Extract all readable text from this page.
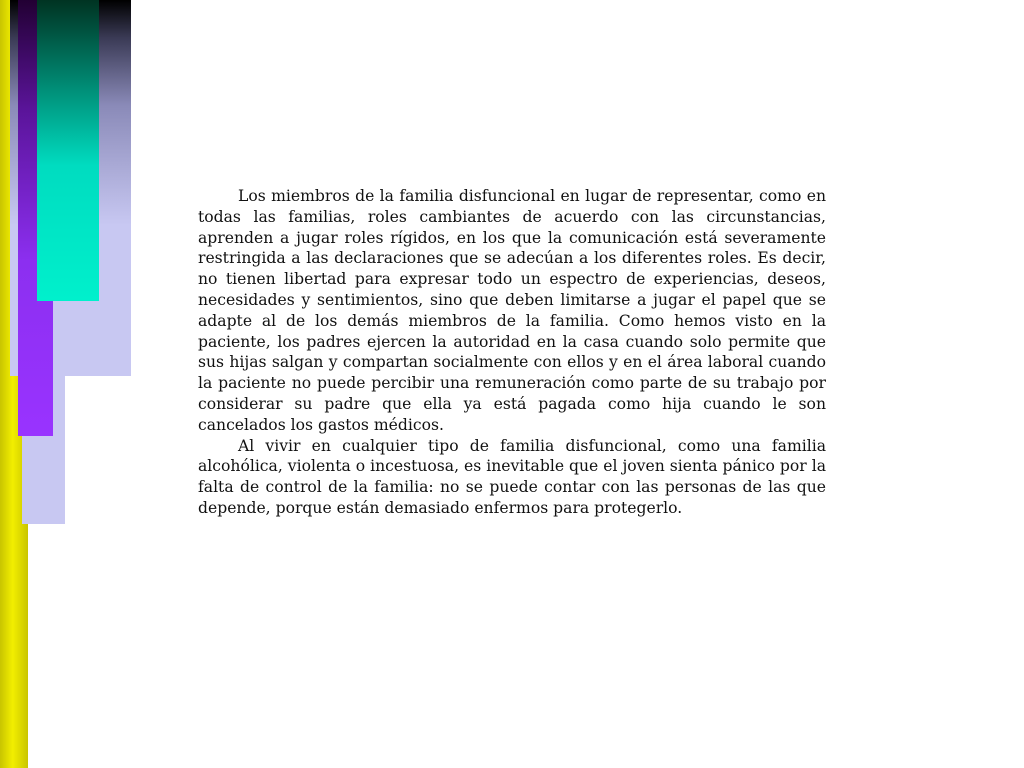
Los miembros de la familia disfuncional en lugar de representar, como en todas las familias, roles cambiantes de acuerdo con las circunstancias, aprenden a jugar roles rígidos, en los que la comunicación está severamente restringida a las declaraciones que se adecúan a los diferentes roles. Es decir, no tienen libertad para expresar todo un espectro de experiencias, deseos, necesidades y sentimientos, sino que deben limitarse a jugar el papel que se adapte al de los demás miembros de la familia. Como hemos visto en la paciente, los padres ejercen la autoridad en la casa cuando solo permite que sus hijas salgan y compartan socialmente con ellos y en el área laboral cuando la paciente no puede percibir una remuneración como parte de su trabajo por considerar su padre que ella ya está pagada como hija cuando le son cancelados los gastos médicos.

Al vivir en cualquier tipo de familia disfuncional, como una familia alcohólica, violenta o incestuosa, es inevitable que el joven sienta pánico por la falta de control de la familia: no se puede contar con las personas de las que depende, porque están demasiado enfermos para protegerlo.
